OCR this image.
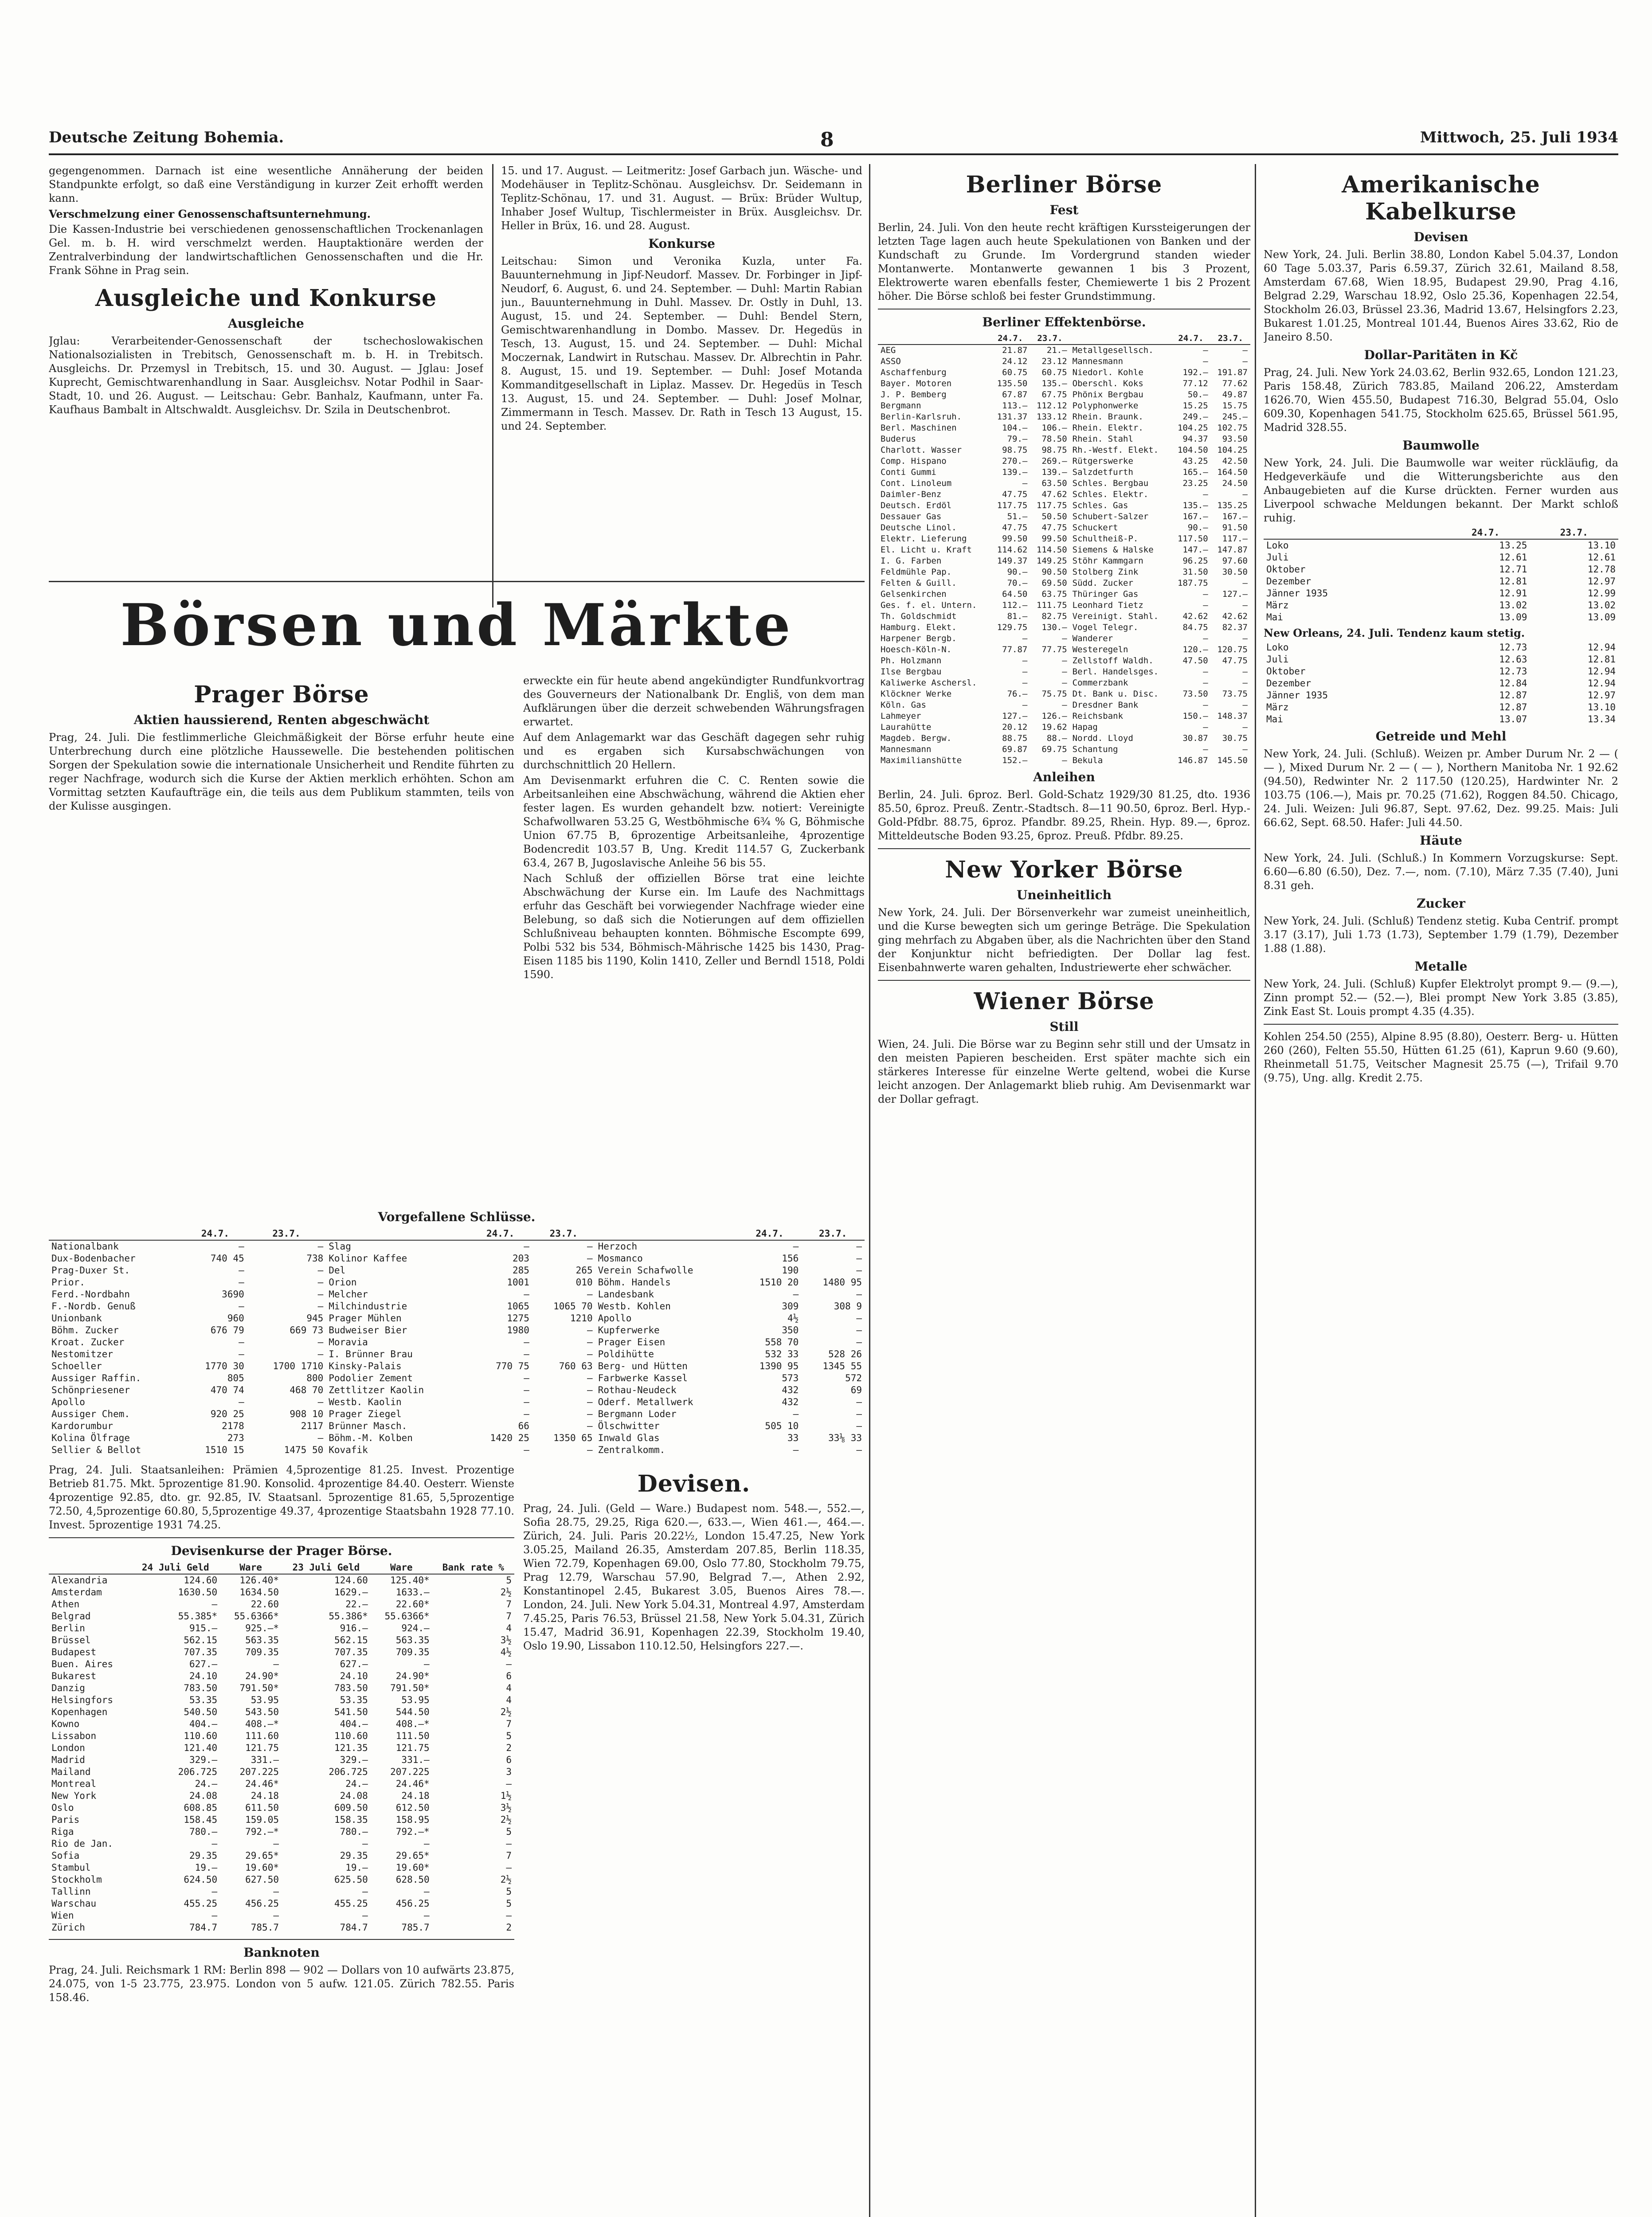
Deutsche Zeitung Bohemia.	8	Mittwoch, 25. Juli 1934

gegengenommen. Darnach ist eine wesentliche Annäherung der beiden Standpunkte erfolgt, so daß eine Verständigung in kurzer Zeit erhofft werden kann.

Verschmelzung einer Genossenschaftsunternehmung.

Die Kassen-Industrie bei verschiedenen genossenschaftlichen Trockenanlagen Gel. m. b. H. wird verschmelzt werden. Hauptaktionäre werden der Zentralverbindung der landwirtschaftlichen Genossenschaften und die Hr. Frank Söhne in Prag sein.

Ausgleiche und Konkurse
Ausgleiche

Jglau: Verarbeitender-Genossenschaft der tschechoslowakischen Nationalsozialisten in Trebitsch, Genossenschaft m. b. H. in Trebitsch. Ausgleichs. Dr. Przemysl in Trebitsch, 15. und 30. August. — Jglau: Josef Kuprecht, Gemischtwarenhandlung in Saar. Ausgleichsv. Notar Podhil in Saar-Stadt, 10. und 26. August. — Leitschau: Gebr. Banhalz, Kaufmann, unter Fa. Kaufhaus Bambalt in Altschwaldt. Ausgleichsv. Dr. Szila in Deutschenbrot.

15. und 17. August. — Leitmeritz: Josef Garbach jun. Wäsche- und Modehäuser in Teplitz-Schönau. Ausgleichsv. Dr. Seidemann in Teplitz-Schönau, 17. und 31. August. — Brüx: Brüder Wultup, Inhaber Josef Wultup, Tischlermeister in Brüx. Ausgleichsv. Dr. Heller in Brüx, 16. und 28. August.

Konkurse

Leitschau: Simon und Veronika Kuzla, unter Fa. Bauunternehmung in Jipf-Neudorf. Massev. Dr. Forbinger in Jipf-Neudorf, 6. August, 6. und 24. September. — Duhl: Martin Rabian jun., Bauunternehmung in Duhl. Massev. Dr. Ostly in Duhl, 13. August, 15. und 24. September. — Duhl: Bendel Stern, Gemischtwarenhandlung in Dombo. Massev. Dr. Hegedüs in Tesch, 13. August, 15. und 24. September. — Duhl: Michal Moczernak, Landwirt in Rutschau. Massev. Dr. Albrechtin in Pahr. 8. August, 15. und 19. September. — Duhl: Josef Motanda Kommanditgesellschaft in Liplaz. Massev. Dr. Hegedüs in Tesch 13. August, 15. und 24. September. — Duhl: Josef Molnar, Zimmermann in Tesch. Massev. Dr. Rath in Tesch 13 August, 15. und 24. September.

Börsen und Märkte
Prager Börse
Aktien haussierend, Renten abgeschwächt

Prag, 24. Juli. Die festlimmerliche Gleichmäßigkeit der Börse erfuhr heute eine Unterbrechung durch eine plötzliche Haussewelle. Die bestehenden politischen Sorgen der Spekulation sowie die internationale Unsicherheit und Rendite führten zu reger Nachfrage, wodurch sich die Kurse der Aktien merklich erhöhten. Schon am Vormittag setzten Kaufaufträge ein, die teils aus dem Publikum stammten, teils von der Kulisse ausgingen.

erweckte ein für heute abend angekündigter Rundfunkvortrag des Gouverneurs der Nationalbank Dr. Engliš, von dem man Aufklärungen über die derzeit schwebenden Währungsfragen erwartet.

Auf dem Anlagemarkt war das Geschäft dagegen sehr ruhig und es ergaben sich Kursabschwächungen von durchschnittlich 20 Hellern.

Am Devisenmarkt erfuhren die C. C. Renten sowie die Arbeitsanleihen eine Abschwächung, während die Aktien eher fester lagen. Es wurden gehandelt bzw. notiert: Vereinigte Schafwollwaren 53.25 G, Westböhmische 6¾ % G, Böhmische Union 67.75 B, 6prozentige Arbeitsanleihe, 4prozentige Bodencredit 103.57 B, Ung. Kredit 114.57 G, Zuckerbank 63.4, 267 B, Jugoslavische Anleihe 56 bis 55.

Nach Schluß der offiziellen Börse trat eine leichte Abschwächung der Kurse ein. Im Laufe des Nachmittags erfuhr das Geschäft bei vorwiegender Nachfrage wieder eine Belebung, so daß sich die Notierungen auf dem offiziellen Schlußniveau behaupten konnten. Böhmische Escompte 699, Polbi 532 bis 534, Böhmisch-Mährische 1425 bis 1430, Prag-Eisen 1185 bis 1190, Kolin 1410, Zeller und Berndl 1518, Poldi 1590.

Vorgefallene Schlüsse.
	24.7.	23.7.		24.7.	23.7.		24.7.	23.7.
Nationalbank	—	—	Slag	—	—	Herzoch	—	—
Dux-Bodenbacher	740 45	738	Kolinor Kaffee	203	—	Mosmanco	156	—
Prag-Duxer St.	—	—	Del	285	265	Verein Schafwolle	190	—
Prior.	—	—	Orion	1001	010	Böhm. Handels	1510 20	1480 95
Ferd.-Nordbahn	3690	—	Melcher	—	—	Landesbank	—	—
F.-Nordb. Genuß	—	—	Milchindustrie	1065	1065 70	Westb. Kohlen	309	308 9
Unionbank	960	945	Prager Mühlen	1275	1210	Apollo	4½	—
Böhm. Zucker	676 79	669 73	Budweiser Bier	1980	—	Kupferwerke	350	—
Kroat. Zucker	—	—	Moravia	—	—	Prager Eisen	558 70	—
Nestomitzer	—	—	I. Brünner Brau	—	—	Poldihütte	532 33	528 26
Schoeller	1770 30	1700 1710	Kinsky-Palais	770 75	760 63	Berg- und Hütten	1390 95	1345 55
Aussiger Raffin.	805	800	Podolier Zement	—	—	Farbwerke Kassel	573	572
Schönpriesener	470 74	468 70	Zettlitzer Kaolin	—	—	Rothau-Neudeck	432	69
Apollo	—	—	Westb. Kaolin	—	—	Oderf. Metallwerk	432	—
Aussiger Chem.	920 25	908 10	Prager Ziegel	—	—	Bergmann Loder	—	—
Kardorumbur	2178	2117	Brünner Masch.	66	—	Ölschwitter	505 10	—
Kolina Ölfrage	273	—	Böhm.-M. Kolben	1420 25	1350 65	Inwald Glas	33	33⅛ 33
Sellier & Bellot	1510 15	1475 50	Kovafik	—	—	Zentralkomm.	—	—

Prag, 24. Juli. Staatsanleihen: Prämien 4,5prozentige 81.25. Invest. Prozentige Betrieb 81.75. Mkt. 5prozentige 81.90. Konsolid. 4prozentige 84.40. Oesterr. Wienste 4prozentige 92.85, dto. gr. 92.85, IV. Staatsanl. 5prozentige 81.65, 5,5prozentige 72.50, 4,5prozentige 60.80, 5,5prozentige 49.37, 4prozentige Staatsbahn 1928 77.10. Invest. 5prozentige 1931 74.25.

Devisenkurse der Prager Börse.
	24 Juli Geld	Ware	23 Juli Geld	Ware	Bank rate %
Alexandria	124.60	126.40*	124.60	125.40*	5
Amsterdam	1630.50	1634.50	1629.—	1633.—	2½
Athen	—	22.60	22.—	22.60*	7
Belgrad	55.385*	55.6366*	55.386*	55.6366*	7
Berlin	915.—	925.—*	916.—	924.—	4
Brüssel	562.15	563.35	562.15	563.35	3½
Budapest	707.35	709.35	707.35	709.35	4½
Buen. Aires	627.—	—	627.—	—	—
Bukarest	24.10	24.90*	24.10	24.90*	6
Danzig	783.50	791.50*	783.50	791.50*	4
Helsingfors	53.35	53.95	53.35	53.95	4
Kopenhagen	540.50	543.50	541.50	544.50	2½
Kowno	404.—	408.—*	404.—	408.—*	7
Lissabon	110.60	111.60	110.60	111.50	5
London	121.40	121.75	121.35	121.75	2
Madrid	329.—	331.—	329.—	331.—	6
Mailand	206.725	207.225	206.725	207.225	3
Montreal	24.—	24.46*	24.—	24.46*	—
New York	24.08	24.18	24.08	24.18	1½
Oslo	608.85	611.50	609.50	612.50	3½
Paris	158.45	159.05	158.35	158.95	2½
Riga	780.—	792.—*	780.—	792.—*	5
Rio de Jan.	—	—	—	—	—
Sofia	29.35	29.65*	29.35	29.65*	7
Stambul	19.—	19.60*	19.—	19.60*	—
Stockholm	624.50	627.50	625.50	628.50	2½
Tallinn	—	—	—	—	5
Warschau	455.25	456.25	455.25	456.25	5
Wien	—	—	—	—	—
Zürich	784.7	785.7	784.7	785.7	2
Banknoten

Prag, 24. Juli. Reichsmark 1 RM: Berlin 898 — 902 — Dollars von 10 aufwärts 23.875, 24.075, von 1-5 23.775, 23.975. London von 5 aufw. 121.05. Zürich 782.55. Paris 158.46.

Devisen.

Prag, 24. Juli. (Geld — Ware.) Budapest nom. 548.—, 552.—, Sofia 28.75, 29.25, Riga 620.—, 633.—, Wien 461.—, 464.—. Zürich, 24. Juli. Paris 20.22½, London 15.47.25, New York 3.05.25, Mailand 26.35, Amsterdam 207.85, Berlin 118.35, Wien 72.79, Kopenhagen 69.00, Oslo 77.80, Stockholm 79.75, Prag 12.79, Warschau 57.90, Belgrad 7.—, Athen 2.92, Konstantinopel 2.45, Bukarest 3.05, Buenos Aires 78.—. London, 24. Juli. New York 5.04.31, Montreal 4.97, Amsterdam 7.45.25, Paris 76.53, Brüssel 21.58, New York 5.04.31, Zürich 15.47, Madrid 36.91, Kopenhagen 22.39, Stockholm 19.40, Oslo 19.90, Lissabon 110.12.50, Helsingfors 227.—.

Berliner Börse
Fest

Berlin, 24. Juli. Von den heute recht kräftigen Kurssteigerungen der letzten Tage lagen auch heute Spekulationen von Banken und der Kundschaft zu Grunde. Im Vordergrund standen wieder Montanwerte. Montanwerte gewannen 1 bis 3 Prozent, Elektrowerte waren ebenfalls fester, Chemiewerte 1 bis 2 Prozent höher. Die Börse schloß bei fester Grundstimmung.

Berliner Effektenbörse.
	24.7.	23.7.		24.7.	23.7.
AEG	21.87	21.—	Metallgesellsch.	—	—
ASSO	24.12	23.12	Mannesmann	—	—
Aschaffenburg	60.75	60.75	Niedorl. Kohle	192.—	191.87
Bayer. Motoren	135.50	135.—	Oberschl. Koks	77.12	77.62
J. P. Bemberg	67.87	67.75	Phönix Bergbau	50.—	49.87
Bergmann	113.—	112.12	Polyphonwerke	15.25	15.75
Berlin-Karlsruh.	131.37	133.12	Rhein. Braunk.	249.—	245.—
Berl. Maschinen	104.—	106.—	Rhein. Elektr.	104.25	102.75
Buderus	79.—	78.50	Rhein. Stahl	94.37	93.50
Charlott. Wasser	98.75	98.75	Rh.-Westf. Elekt.	104.50	104.25
Comp. Hispano	270.—	269.—	Rütgerswerke	43.25	42.50
Conti Gummi	139.—	139.—	Salzdetfurth	165.—	164.50
Cont. Linoleum	—	63.50	Schles. Bergbau	23.25	24.50
Daimler-Benz	47.75	47.62	Schles. Elektr.	—	—
Deutsch. Erdöl	117.75	117.75	Schles. Gas	135.—	135.25
Dessauer Gas	51.—	50.50	Schubert-Salzer	167.—	167.—
Deutsche Linol.	47.75	47.75	Schuckert	90.—	91.50
Elektr. Lieferung	99.50	99.50	Schultheiß-P.	117.50	117.—
El. Licht u. Kraft	114.62	114.50	Siemens & Halske	147.—	147.87
I. G. Farben	149.37	149.25	Stöhr Kammgarn	96.25	97.60
Feldmühle Pap.	90.—	90.50	Stolberg Zink	31.50	30.50
Felten & Guill.	70.—	69.50	Südd. Zucker	187.75	—
Gelsenkirchen	64.50	63.75	Thüringer Gas	—	127.—
Ges. f. el. Untern.	112.—	111.75	Leonhard Tietz	—	—
Th. Goldschmidt	81.—	82.75	Vereinigt. Stahl.	42.62	42.62
Hamburg. Elekt.	129.75	130.—	Vogel Telegr.	84.75	82.37
Harpener Bergb.	—	—	Wanderer	—	—
Hoesch-Köln-N.	77.87	77.75	Westeregeln	120.—	120.75
Ph. Holzmann	—	—	Zellstoff Waldh.	47.50	47.75
Ilse Bergbau	—	—	Berl. Handelsges.	—	—
Kaliwerke Aschersl.	—	—	Commerzbank	—	—
Klöckner Werke	76.—	75.75	Dt. Bank u. Disc.	73.50	73.75
Köln. Gas	—	—	Dresdner Bank	—	—
Lahmeyer	127.—	126.—	Reichsbank	150.—	148.37
Laurahütte	20.12	19.62	Hapag	—	—
Magdeb. Bergw.	88.75	88.—	Nordd. Lloyd	30.87	30.75
Mannesmann	69.87	69.75	Schantung	—	—
Maximilianshütte	152.—	—	Bekula	146.87	145.50
Anleihen

Berlin, 24. Juli. 6proz. Berl. Gold-Schatz 1929/30 81.25, dto. 1936 85.50, 6proz. Preuß. Zentr.-Stadtsch. 8—11 90.50, 6proz. Berl. Hyp.-Gold-Pfdbr. 88.75, 6proz. Pfandbr. 89.25, Rhein. Hyp. 89.—, 6proz. Mitteldeutsche Boden 93.25, 6proz. Preuß. Pfdbr. 89.25.

New Yorker Börse
Uneinheitlich

New York, 24. Juli. Der Börsenverkehr war zumeist uneinheitlich, und die Kurse bewegten sich um geringe Beträge. Die Spekulation ging mehrfach zu Abgaben über, als die Nachrichten über den Stand der Konjunktur nicht befriedigten. Der Dollar lag fest. Eisenbahnwerte waren gehalten, Industriewerte eher schwächer.

Wiener Börse
Still

Wien, 24. Juli. Die Börse war zu Beginn sehr still und der Umsatz in den meisten Papieren bescheiden. Erst später machte sich ein stärkeres Interesse für einzelne Werte geltend, wobei die Kurse leicht anzogen. Der Anlagemarkt blieb ruhig. Am Devisenmarkt war der Dollar gefragt.

Amerikanische Kabelkurse
Devisen

New York, 24. Juli. Berlin 38.80, London Kabel 5.04.37, London 60 Tage 5.03.37, Paris 6.59.37, Zürich 32.61, Mailand 8.58, Amsterdam 67.68, Wien 18.95, Budapest 29.90, Prag 4.16, Belgrad 2.29, Warschau 18.92, Oslo 25.36, Kopenhagen 22.54, Stockholm 26.03, Brüssel 23.36, Madrid 13.67, Helsingfors 2.23, Bukarest 1.01.25, Montreal 101.44, Buenos Aires 33.62, Rio de Janeiro 8.50.

Dollar-Paritäten in Kč

Prag, 24. Juli. New York 24.03.62, Berlin 932.65, London 121.23, Paris 158.48, Zürich 783.85, Mailand 206.22, Amsterdam 1626.70, Wien 455.50, Budapest 716.30, Belgrad 55.04, Oslo 609.30, Kopenhagen 541.75, Stockholm 625.65, Brüssel 561.95, Madrid 328.55.

Baumwolle

New York, 24. Juli. Die Baumwolle war weiter rückläufig, da Hedgeverkäufe und die Witterungsberichte aus den Anbaugebieten auf die Kurse drückten. Ferner wurden aus Liverpool schwache Meldungen bekannt. Der Markt schloß ruhig.

	24.7.	23.7.
Loko	13.25	13.10
Juli	12.61	12.61
Oktober	12.71	12.78
Dezember	12.81	12.97
Jänner 1935	12.91	12.99
März	13.02	13.02
Mai	13.09	13.09

New Orleans, 24. Juli. Tendenz kaum stetig.

Loko	12.73	12.94
Juli	12.63	12.81
Oktober	12.73	12.94
Dezember	12.84	12.94
Jänner 1935	12.87	12.97
März	12.87	13.10
Mai	13.07	13.34
Getreide und Mehl

New York, 24. Juli. (Schluß). Weizen pr. Amber Durum Nr. 2 — ( — ), Mixed Durum Nr. 2 — ( — ), Northern Manitoba Nr. 1 92.62 (94.50), Redwinter Nr. 2 117.50 (120.25), Hardwinter Nr. 2 103.75 (106.—), Mais pr. 70.25 (71.62), Roggen 84.50. Chicago, 24. Juli. Weizen: Juli 96.87, Sept. 97.62, Dez. 99.25. Mais: Juli 66.62, Sept. 68.50. Hafer: Juli 44.50.

Häute

New York, 24. Juli. (Schluß.) In Kommern Vorzugskurse: Sept. 6.60—6.80 (6.50), Dez. 7.—, nom. (7.10), März 7.35 (7.40), Juni 8.31 geh.

Zucker

New York, 24. Juli. (Schluß) Tendenz stetig. Kuba Centrif. prompt 3.17 (3.17), Juli 1.73 (1.73), September 1.79 (1.79), Dezember 1.88 (1.88).

Metalle

New York, 24. Juli. (Schluß) Kupfer Elektrolyt prompt 9.— (9.—), Zinn prompt 52.— (52.—), Blei prompt New York 3.85 (3.85), Zink East St. Louis prompt 4.35 (4.35).

Kohlen 254.50 (255), Alpine 8.95 (8.80), Oesterr. Berg- u. Hütten 260 (260), Felten 55.50, Hütten 61.25 (61), Kaprun 9.60 (9.60), Rheinmetall 51.75, Veitscher Magnesit 25.75 (—), Trifail 9.70 (9.75), Ung. allg. Kredit 2.75.
